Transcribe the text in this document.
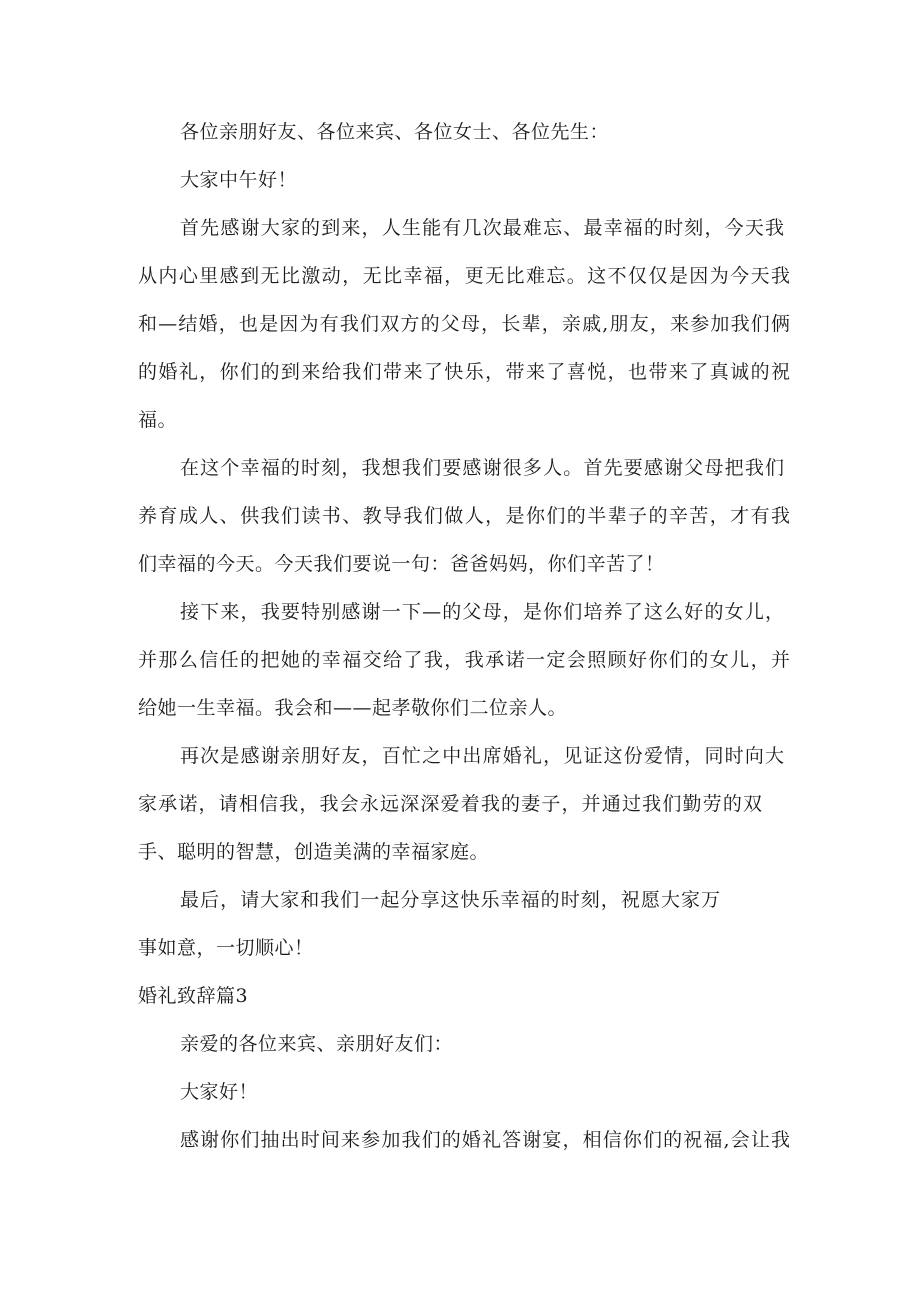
各位亲朋好友、各位来宾、各位女士、各位先生：
大家中午好！
首先感谢大家的到来，人生能有几次最难忘、最幸福的时刻，今天我
从内心里感到无比激动，无比幸福，更无比难忘。这不仅仅是因为今天我
和—结婚，也是因为有我们双方的父母，长辈，亲戚,朋友，来参加我们俩
的婚礼，你们的到来给我们带来了快乐，带来了喜悦，也带来了真诚的祝
福。
在这个幸福的时刻，我想我们要感谢很多人。首先要感谢父母把我们
养育成人、供我们读书、教导我们做人，是你们的半辈子的辛苦，才有我
们幸福的今天。今天我们要说一句：爸爸妈妈，你们辛苦了！
接下来，我要特别感谢一下—的父母，是你们培养了这么好的女儿，
并那么信任的把她的幸福交给了我，我承诺一定会照顾好你们的女儿，并
给她一生幸福。我会和——起孝敬你们二位亲人。
再次是感谢亲朋好友，百忙之中出席婚礼，见证这份爱情，同时向大
家承诺，请相信我，我会永远深深爱着我的妻子，并通过我们勤劳的双
手、聪明的智慧，创造美满的幸福家庭。
最后，请大家和我们一起分享这快乐幸福的时刻，祝愿大家万
事如意，一切顺心！
婚礼致辞篇3
亲爱的各位来宾、亲朋好友们：
大家好！
感谢你们抽出时间来参加我们的婚礼答谢宴，相信你们的祝福,会让我
